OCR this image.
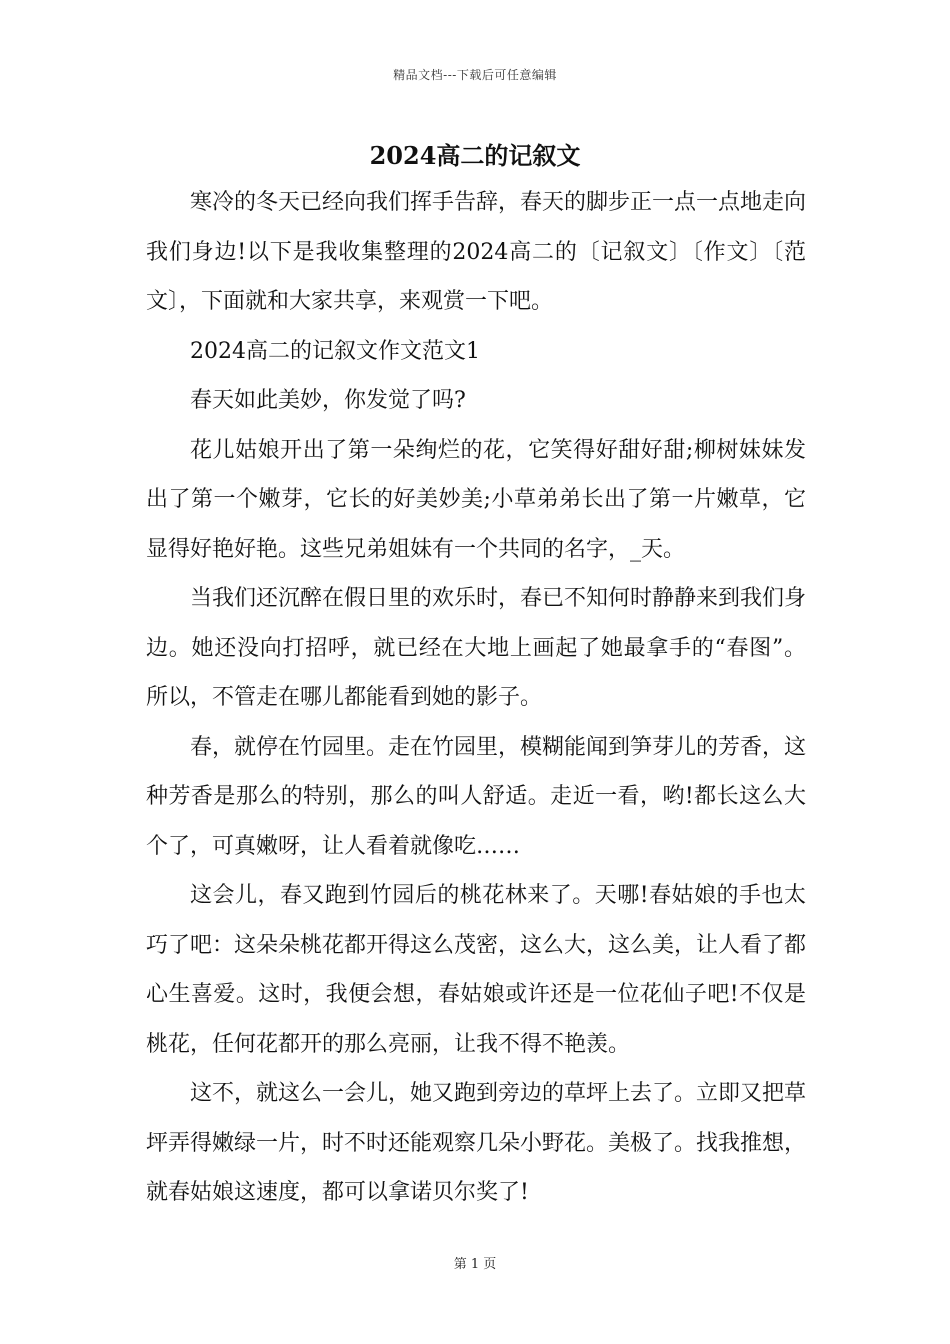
精品文档---下载后可任意编辑
2024高二的记叙文

寒冷的冬天已经向我们挥手告辞，春天的脚步正一点一点地走向我们身边!以下是我收集整理的2024高二的〔记叙文〕〔作文〕〔范文〕，下面就和大家共享，来观赏一下吧。

2024高二的记叙文作文范文1

春天如此美妙，你发觉了吗?

花儿姑娘开出了第一朵绚烂的花，它笑得好甜好甜;柳树妹妹发出了第一个嫩芽，它长的好美妙美;小草弟弟长出了第一片嫩草，它显得好艳好艳。这些兄弟姐妹有一个共同的名字，_天。

当我们还沉醉在假日里的欢乐时，春已不知何时静静来到我们身边。她还没向打招呼，就已经在大地上画起了她最拿手的“春图”。所以，不管走在哪儿都能看到她的影子。

春，就停在竹园里。走在竹园里，模糊能闻到笋芽儿的芳香，这种芳香是那么的特别，那么的叫人舒适。走近一看，哟!都长这么大个了，可真嫩呀，让人看着就像吃……

这会儿，春又跑到竹园后的桃花林来了。天哪!春姑娘的手也太巧了吧：这朵朵桃花都开得这么茂密，这么大，这么美，让人看了都心生喜爱。这时，我便会想，春姑娘或许还是一位花仙子吧!不仅是桃花，任何花都开的那么亮丽，让我不得不艳羡。

这不，就这么一会儿，她又跑到旁边的草坪上去了。立即又把草坪弄得嫩绿一片，时不时还能观察几朵小野花。美极了。找我推想，就春姑娘这速度，都可以拿诺贝尔奖了!

第 1 页
